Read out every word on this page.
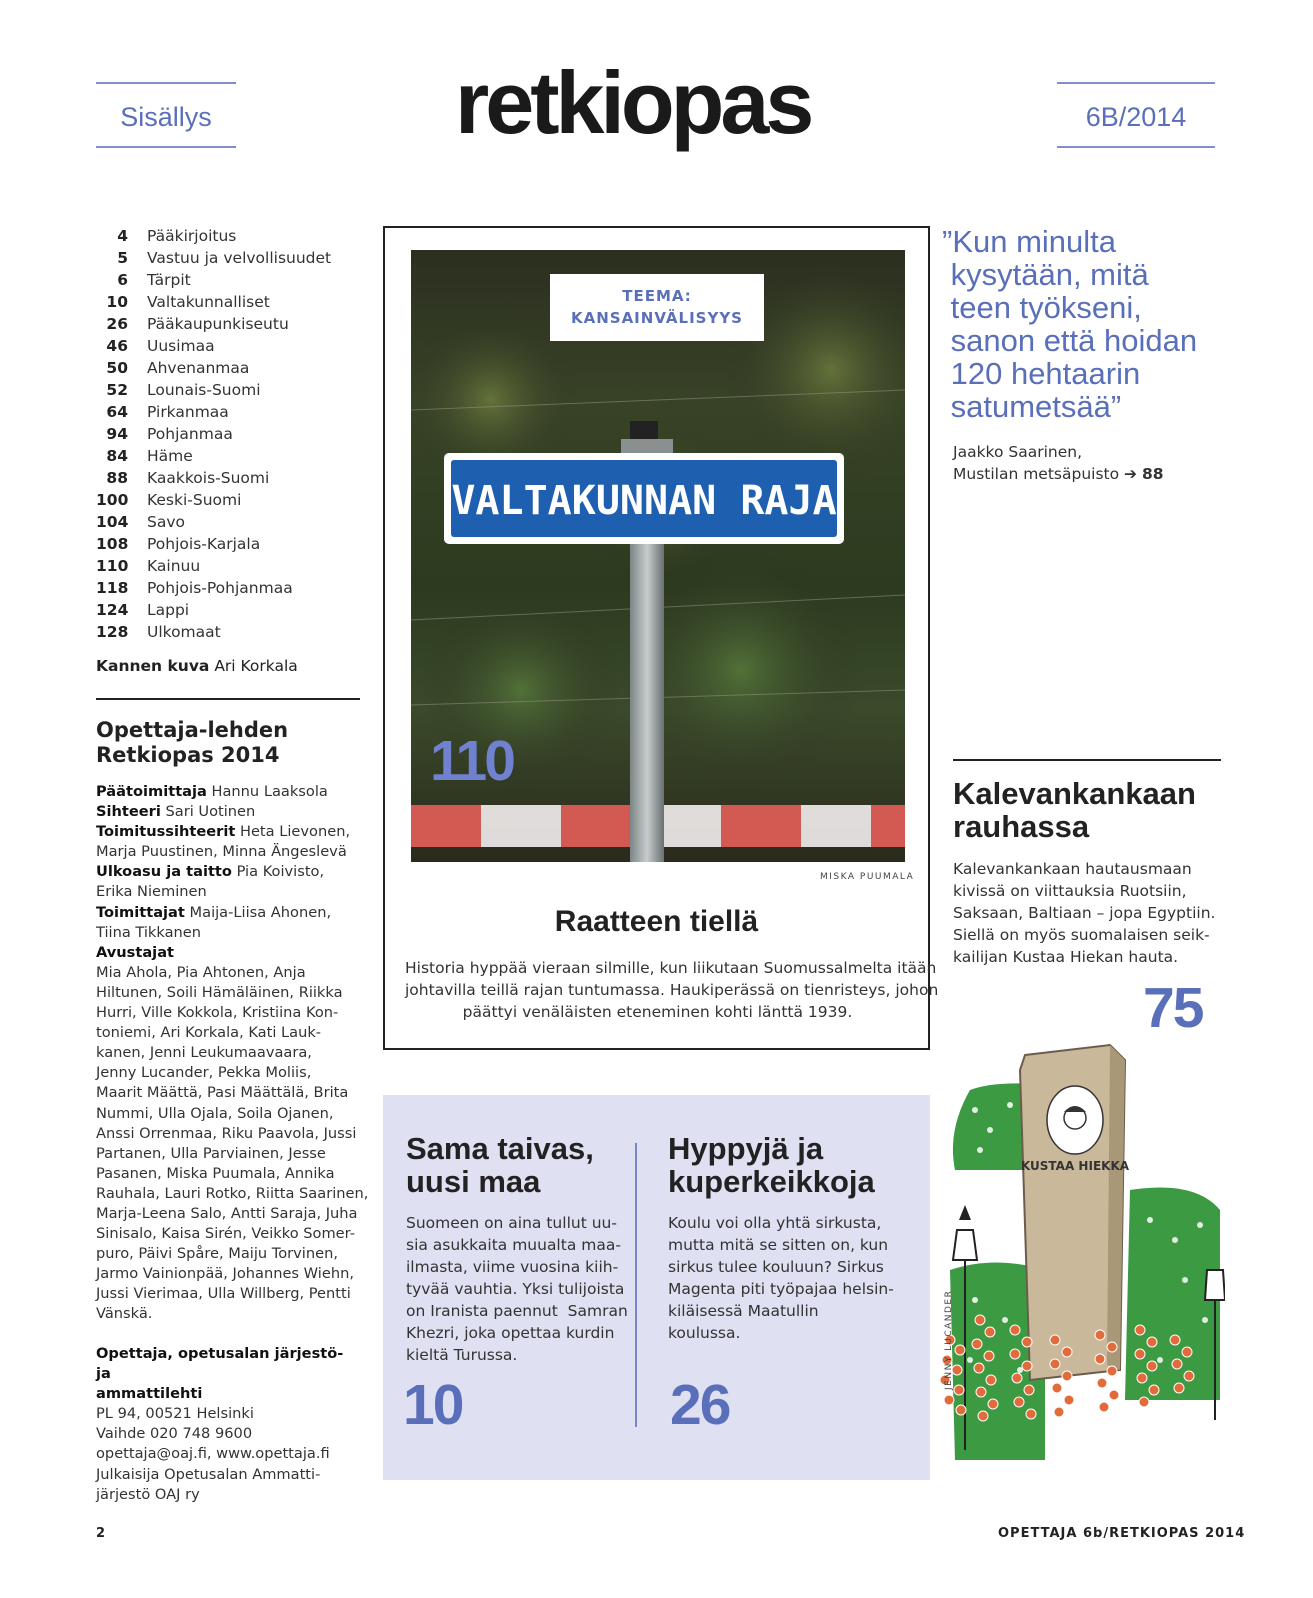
Sisällys	retkiopas	6B/2014
4 Pääkirjoitus
5 Vastuu ja velvollisuudet
6 Tärpit
10 Valtakunnalliset
26 Pääkaupunkiseutu
46 Uusimaa
50 Ahvenanmaa
52 Lounais-Suomi
64 Pirkanmaa
94 Pohjanmaa
84 Häme
88 Kaakkois-Suomi
100 Keski-Suomi
104 Savo
108 Pohjois-Karjala
110 Kainuu
118 Pohjois-Pohjanmaa
124 Lappi
128 Ulkomaat
Kannen kuva Ari Korkala
Opettaja-lehden
Retkiopas 2014
Päätoimittaja Hannu Laaksola
Sihteeri Sari Uotinen
Toimitussihteerit Heta Lievonen,
Marja Puustinen, Minna Ängeslevä
Ulkoasu ja taitto Pia Koivisto,
Erika Nieminen
Toimittajat Maija-Liisa Ahonen,
Tiina Tikkanen
Avustajat
Mia Ahola, Pia Ahtonen, Anja
Hiltunen, Soili Hämäläinen, Riikka
Hurri, Ville Kokkola, Kristiina Kon-
toniemi, Ari Korkala, Kati Lauk-
kanen, Jenni Leukumaavaara,
Jenny Lucander, Pekka Moliis,
Maarit Määttä, Pasi Määttälä, Brita
Nummi, Ulla Ojala, Soila Ojanen,
Anssi Orrenmaa, Riku Paavola, Jussi
Partanen, Ulla Parviainen, Jesse
Pasanen, Miska Puumala, Annika
Rauhala, Lauri Rotko, Riitta Saarinen,
Marja-Leena Salo, Antti Saraja, Juha
Sinisalo, Kaisa Sirén, Veikko Somer-
puro, Päivi Spåre, Maiju Torvinen,
Jarmo Vainionpää, Johannes Wiehn,
Jussi Vierimaa, Ulla Willberg, Pentti
Vänskä.
Opettaja, opetusalan järjestö- ja
ammattilehti
PL 94, 00521 Helsinki
Vaihde 020 748 9600
opettaja@oaj.fi, www.opettaja.fi
Julkaisija Opetusalan Ammatti-
järjestö OAJ ry
VALTAKUNNAN RAJA
TEEMA:
KANSAINVÄLISYYS
110
MISKA PUUMALA
Raatteen tiellä
Historia hyppää vieraan silmille, kun liikutaan Suomussalmelta itään
johtavilla teillä rajan tuntumassa. Haukiperässä on tienristeys, johon
päättyi venäläisten eteneminen kohti länttä 1939.
”Kun minulta
kysytään, mitä
teen työkseni,
sanon että hoidan
120 hehtaarin
satumetsää”
Jaakko Saarinen,
Mustilan metsäpuisto ➔ 88
Kalevankankaan
rauhassa
Kalevankankaan hautausmaan
kivissä on viittauksia Ruotsiin,
Saksaan, Baltiaan – jopa Egyptiin.
Siellä on myös suomalaisen seik-
kailijan Kustaa Hiekan hauta.
75
KUSTAA HIEKKA
JENNY LUCANDER
Sama taivas,
uusi maa
Suomeen on aina tullut uu-
sia asukkaita muualta maa-
ilmasta, viime vuosina kiih-
tyvää vauhtia. Yksi tulijoista
on Iranista paennut  Samran
Khezri, joka opettaa kurdin
kieltä Turussa.
10
Hyppyjä ja
kuperkeikkoja
Koulu voi olla yhtä sirkusta,
mutta mitä se sitten on, kun
sirkus tulee kouluun? Sirkus
Magenta piti työpajaa helsin-
kiläisessä Maatullin
koulussa.
26
2	OPETTAJA 6b/RETKIOPAS 2014
